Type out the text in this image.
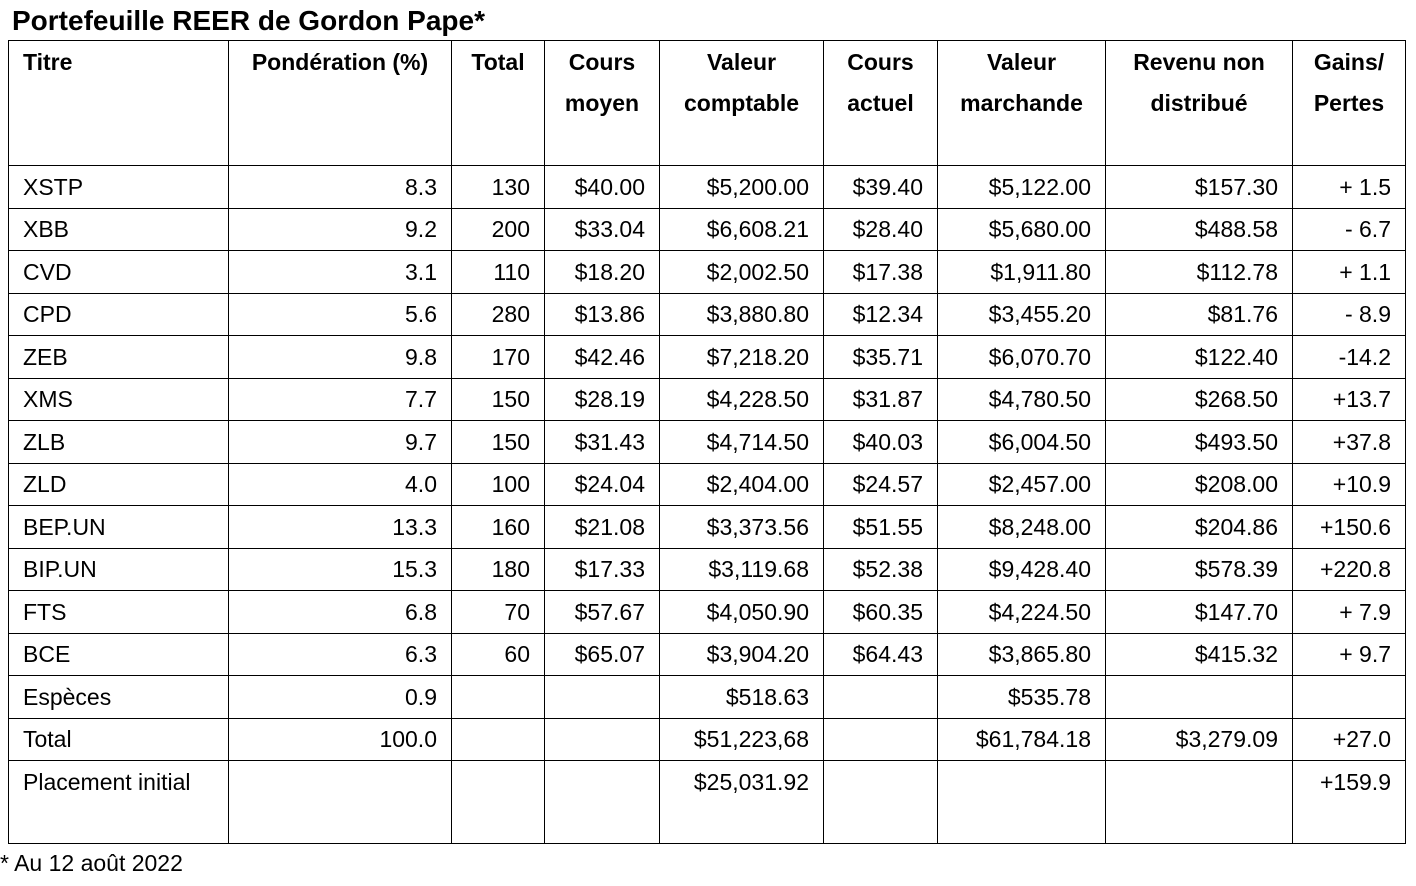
Portefeuille REER de Gordon Pape*
Titre	Pondération (%)	Total	Cours moyen	Valeur comptable	Cours actuel	Valeur marchande	Revenu non distribué	Gains/ Pertes
XSTP	8.3	130	$40.00	$5,200.00	$39.40	$5,122.00	$157.30	+ 1.5
XBB	9.2	200	$33.04	$6,608.21	$28.40	$5,680.00	$488.58	- 6.7
CVD	3.1	110	$18.20	$2,002.50	$17.38	$1,911.80	$112.78	+ 1.1
CPD	5.6	280	$13.86	$3,880.80	$12.34	$3,455.20	$81.76	- 8.9
ZEB	9.8	170	$42.46	$7,218.20	$35.71	$6,070.70	$122.40	-14.2
XMS	7.7	150	$28.19	$4,228.50	$31.87	$4,780.50	$268.50	+13.7
ZLB	9.7	150	$31.43	$4,714.50	$40.03	$6,004.50	$493.50	+37.8
ZLD	4.0	100	$24.04	$2,404.00	$24.57	$2,457.00	$208.00	+10.9
BEP.UN	13.3	160	$21.08	$3,373.56	$51.55	$8,248.00	$204.86	+150.6
BIP.UN	15.3	180	$17.33	$3,119.68	$52.38	$9,428.40	$578.39	+220.8
FTS	6.8	70	$57.67	$4,050.90	$60.35	$4,224.50	$147.70	+ 7.9
BCE	6.3	60	$65.07	$3,904.20	$64.43	$3,865.80	$415.32	+ 9.7
Espèces	0.9			$518.63		$535.78		
Total	100.0			$51,223,68		$61,784.18	$3,279.09	+27.0
Placement initial				$25,031.92				+159.9
* Au 12 août 2022
